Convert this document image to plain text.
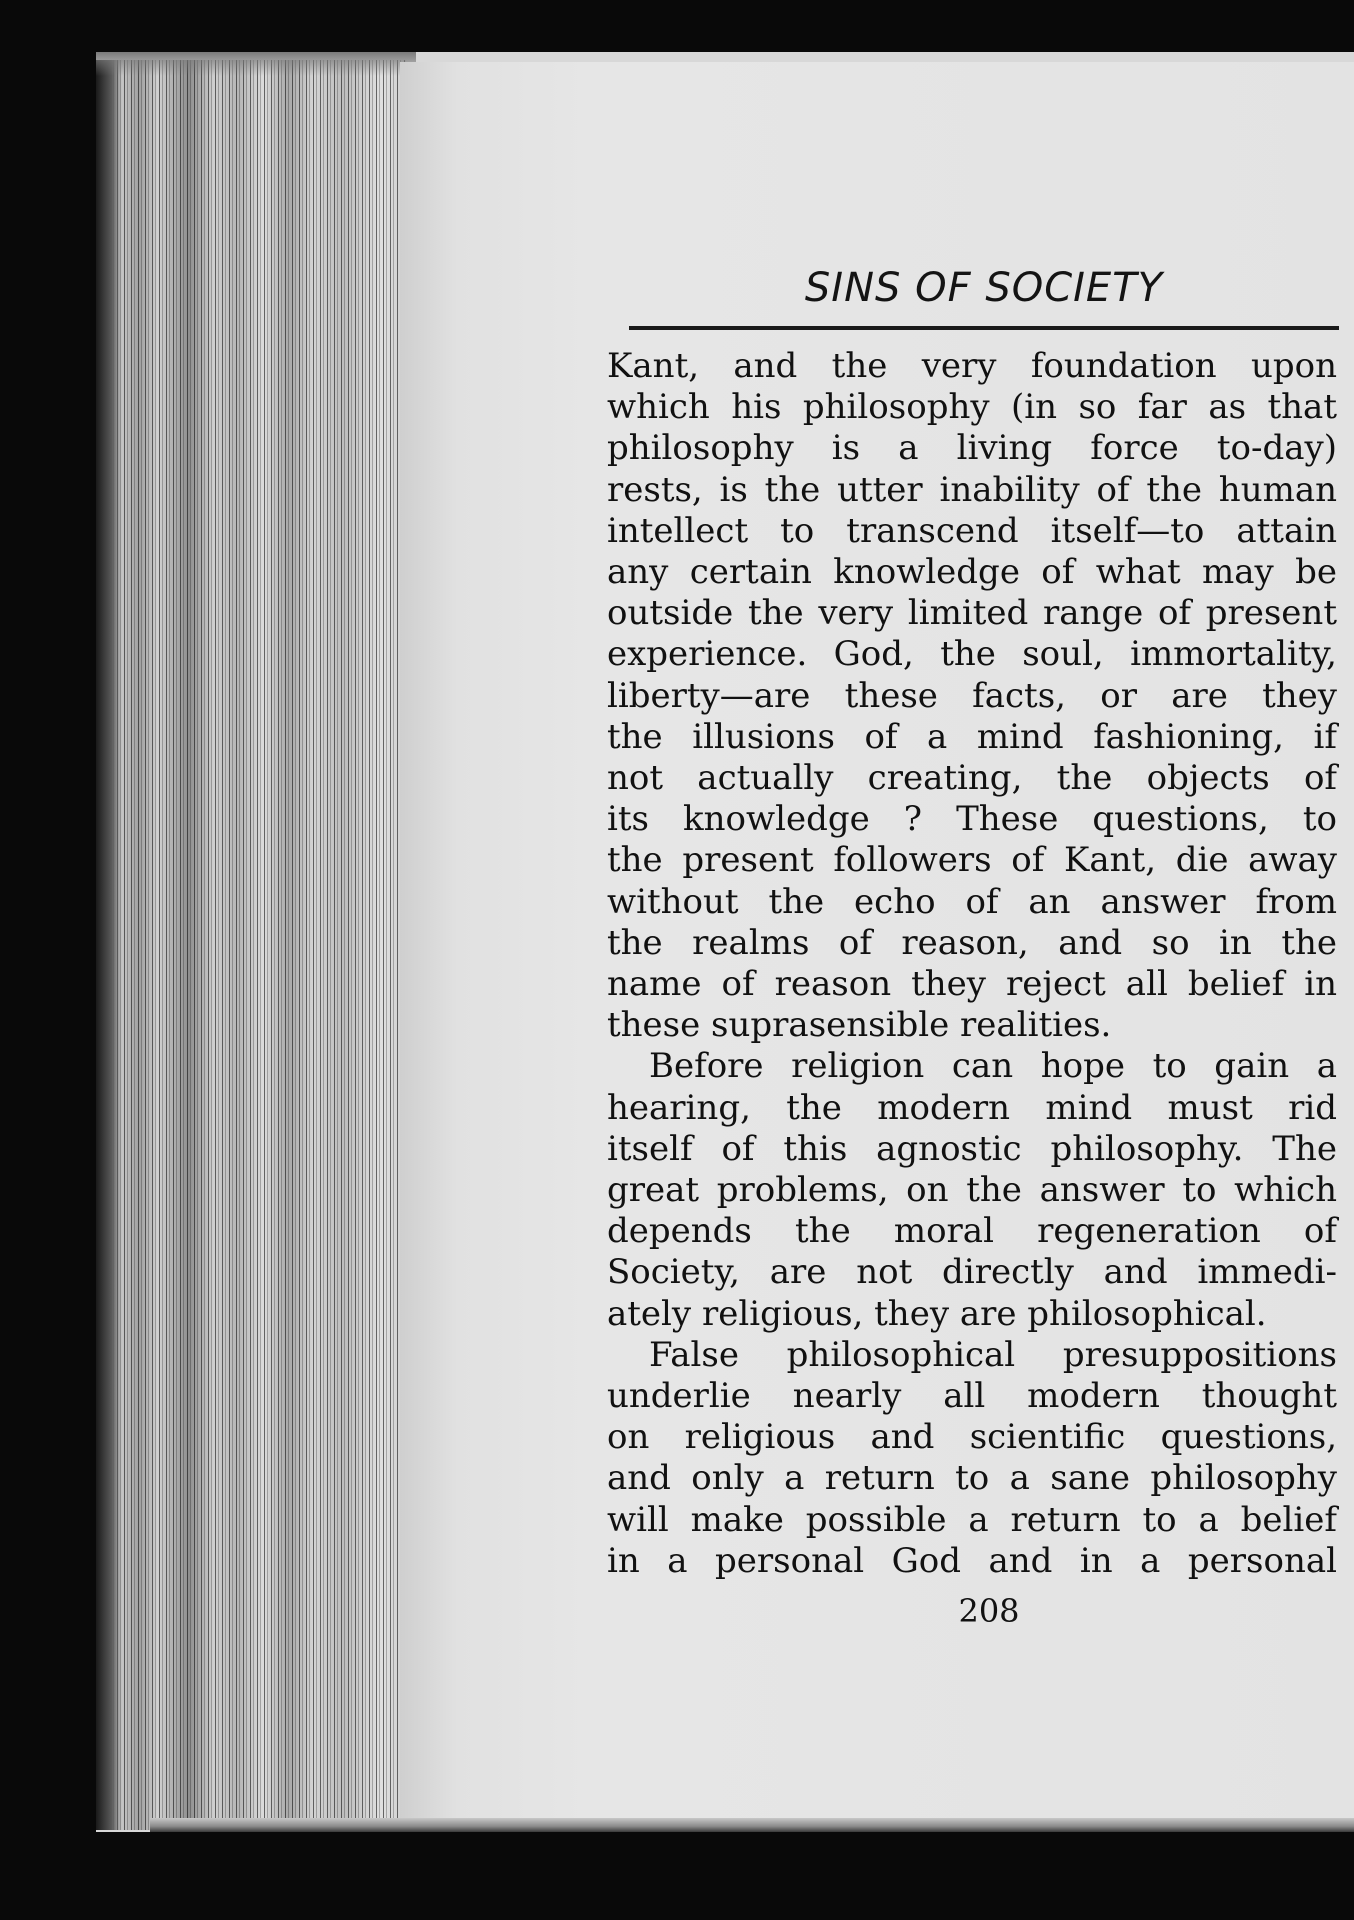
SINS OF SOCIETY
Kant, and the very foundation upon
which his philosophy (in so far as that
philosophy is a living force to-day)
rests, is the utter inability of the human
intellect to transcend itself—to attain
any certain knowledge of what may be
outside the very limited range of present
experience. God, the soul, immortality,
liberty—are these facts, or are they
the illusions of a mind fashioning, if
not actually creating, the objects of
its knowledge ? These questions, to
the present followers of Kant, die away
without the echo of an answer from
the realms of reason, and so in the
name of reason they reject all belief in
these suprasensible realities.
Before religion can hope to gain a
hearing, the modern mind must rid
itself of this agnostic philosophy. The
great problems, on the answer to which
depends the moral regeneration of
Society, are not directly and immedi-
ately religious, they are philosophical.
False philosophical presuppositions
underlie nearly all modern thought
on religious and scientific questions,
and only a return to a sane philosophy
will make possible a return to a belief
in a personal God and in a personal
208
